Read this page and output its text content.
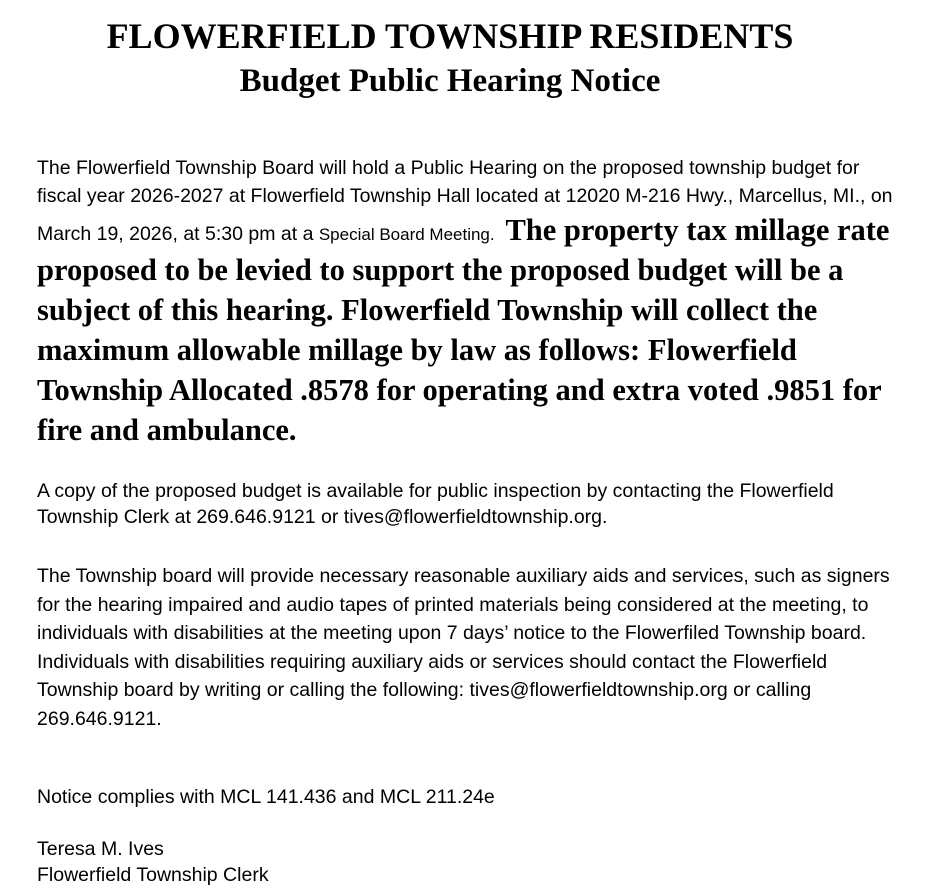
FLOWERFIELD TOWNSHIP RESIDENTS
Budget Public Hearing Notice

The Flowerfield Township Board will hold a Public Hearing on the proposed township budget for fiscal year 2026-2027 at Flowerfield Township Hall located at 12020 M-216 Hwy., Marcellus, MI., on March 19, 2026, at 5:30 pm at a Special Board Meeting. The property tax millage rate proposed to be levied to support the proposed budget will be a subject of this hearing. Flowerfield Township will collect the maximum allowable millage by law as follows: Flowerfield Township Allocated .8578 for operating and extra voted .9851 for fire and ambulance.

A copy of the proposed budget is available for public inspection by contacting the Flowerfield Township Clerk at 269.646.9121 or tives@flowerfieldtownship.org.

The Township board will provide necessary reasonable auxiliary aids and services, such as signers for the hearing impaired and audio tapes of printed materials being considered at the meeting, to individuals with disabilities at the meeting upon 7 days’ notice to the Flowerfiled Township board. Individuals with disabilities requiring auxiliary aids or services should contact the Flowerfield Township board by writing or calling the following: tives@flowerfieldtownship.org or calling 269.646.9121.

Notice complies with MCL 141.436 and MCL 211.24e

Teresa M. Ives

Flowerfield Township Clerk
